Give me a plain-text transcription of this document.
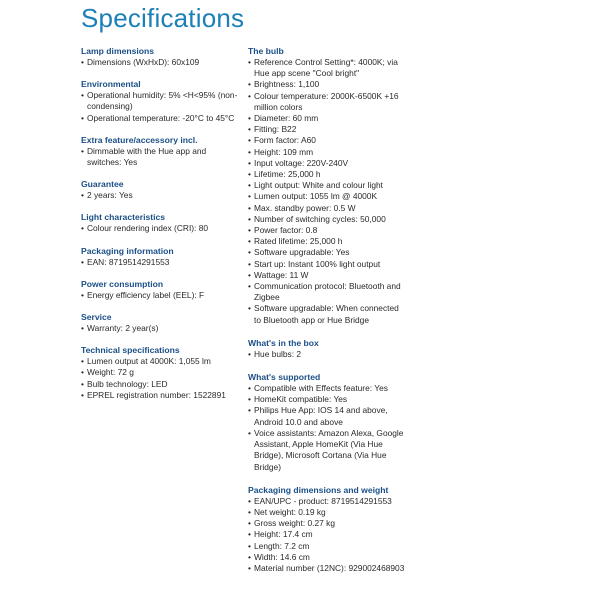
Specifications
Lamp dimensions
• Dimensions (WxHxD): 60x109
Environmental
• Operational humidity: 5% <H<95% (non-condensing)
• Operational temperature: -20°C to 45°C
Extra feature/accessory incl.
• Dimmable with the Hue app and switches: Yes
Guarantee
• 2 years: Yes
Light characteristics
• Colour rendering index (CRI): 80
Packaging information
• EAN: 8719514291553
Power consumption
• Energy efficiency label (EEL): F
Service
• Warranty: 2 year(s)
Technical specifications
• Lumen output at 4000K: 1,055 lm
• Weight: 72 g
• Bulb technology: LED
• EPREL registration number: 1522891
The bulb
• Reference Control Setting*: 4000K; via Hue app scene "Cool bright"
• Brightness: 1,100
• Colour temperature: 2000K-6500K +16 million colors
• Diameter: 60 mm
• Fitting: B22
• Form factor: A60
• Height: 109 mm
• Input voltage: 220V-240V
• Lifetime: 25,000 h
• Light output: White and colour light
• Lumen output: 1055 lm @ 4000K
• Max. standby power: 0.5 W
• Number of switching cycles: 50,000
• Power factor: 0.8
• Rated lifetime: 25,000 h
• Software upgradable: Yes
• Start up: Instant 100% light output
• Wattage: 11 W
• Communication protocol: Bluetooth and Zigbee
• Software upgradable: When connected to Bluetooth app or Hue Bridge
What's in the box
• Hue bulbs: 2
What's supported
• Compatible with Effects feature: Yes
• HomeKit compatible: Yes
• Philips Hue App: IOS 14 and above, Android 10.0 and above
• Voice assistants: Amazon Alexa, Google Assistant, Apple HomeKit (Via Hue Bridge), Microsoft Cortana (Via Hue Bridge)
Packaging dimensions and weight
• EAN/UPC - product: 8719514291553
• Net weight: 0.19 kg
• Gross weight: 0.27 kg
• Height: 17.4 cm
• Length: 7.2 cm
• Width: 14.6 cm
• Material number (12NC): 929002468903
